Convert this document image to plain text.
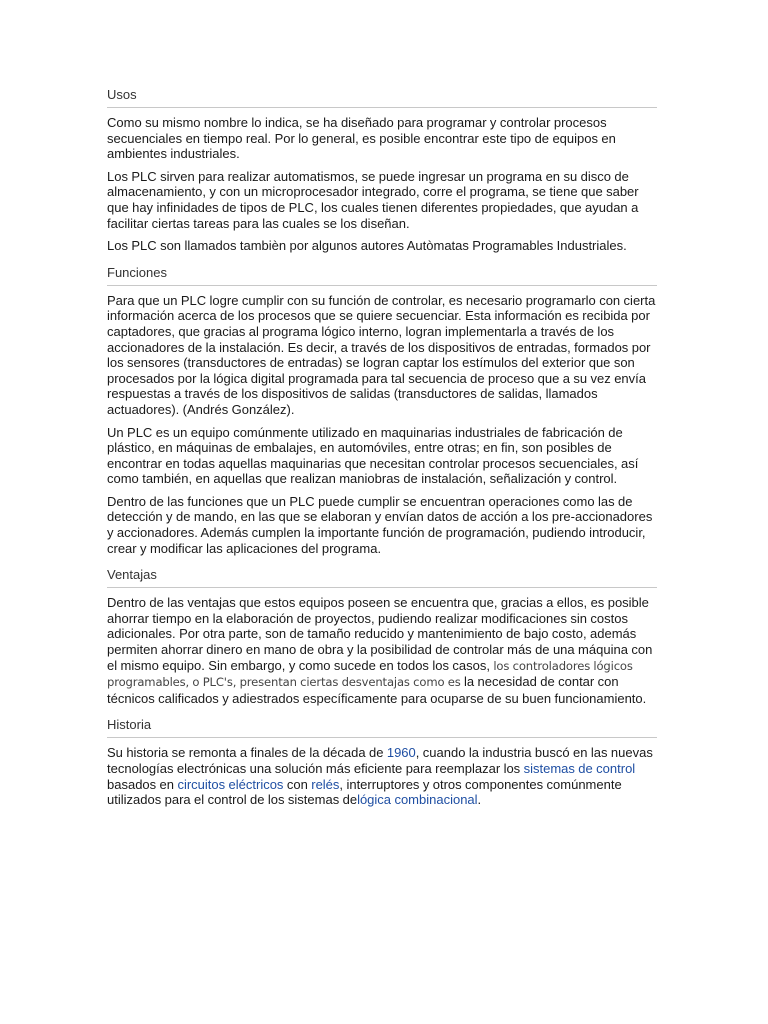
Usos

Como su mismo nombre lo indica, se ha diseñado para programar y controlar procesos secuenciales en tiempo real. Por lo general, es posible encontrar este tipo de equipos en ambientes industriales.

Los PLC sirven para realizar automatismos, se puede ingresar un programa en su disco de almacenamiento, y con un microprocesador integrado, corre el programa, se tiene que saber que hay infinidades de tipos de PLC, los cuales tienen diferentes propiedades, que ayudan a facilitar ciertas tareas para las cuales se los diseñan.

Los PLC son llamados tambièn por algunos autores Autòmatas Programables Industriales.

Funciones

Para que un PLC logre cumplir con su función de controlar, es necesario programarlo con cierta información acerca de los procesos que se quiere secuenciar. Esta información es recibida por captadores, que gracias al programa lógico interno, logran implementarla a través de los accionadores de la instalación. Es decir, a través de los dispositivos de entradas, formados por los sensores (transductores de entradas) se logran captar los estímulos del exterior que son procesados por la lógica digital programada para tal secuencia de proceso que a su vez envía respuestas a través de los dispositivos de salidas (transductores de salidas, llamados actuadores). (Andrés González).

Un PLC es un equipo comúnmente utilizado en maquinarias industriales de fabricación de plástico, en máquinas de embalajes, en automóviles, entre otras; en fin, son posibles de encontrar en todas aquellas maquinarias que necesitan controlar procesos secuenciales, así como también, en aquellas que realizan maniobras de instalación, señalización y control.

Dentro de las funciones que un PLC puede cumplir se encuentran operaciones como las de detección y de mando, en las que se elaboran y envían datos de acción a los pre-accionadores y accionadores. Además cumplen la importante función de programación, pudiendo introducir, crear y modificar las aplicaciones del programa.

Ventajas

Dentro de las ventajas que estos equipos poseen se encuentra que, gracias a ellos, es posible ahorrar tiempo en la elaboración de proyectos, pudiendo realizar modificaciones sin costos adicionales. Por otra parte, son de tamaño reducido y mantenimiento de bajo costo, además permiten ahorrar dinero en mano de obra y la posibilidad de controlar más de una máquina con el mismo equipo. Sin embargo, y como sucede en todos los casos, los controladores lógicos programables, o PLC's, presentan ciertas desventajas como es la necesidad de contar con técnicos calificados y adiestrados específicamente para ocuparse de su buen funcionamiento.

Historia

Su historia se remonta a finales de la década de 1960, cuando la industria buscó en las nuevas tecnologías electrónicas una solución más eficiente para reemplazar los sistemas de control basados en circuitos eléctricos con relés, interruptores y otros componentes comúnmente utilizados para el control de los sistemas delógica combinacional.
